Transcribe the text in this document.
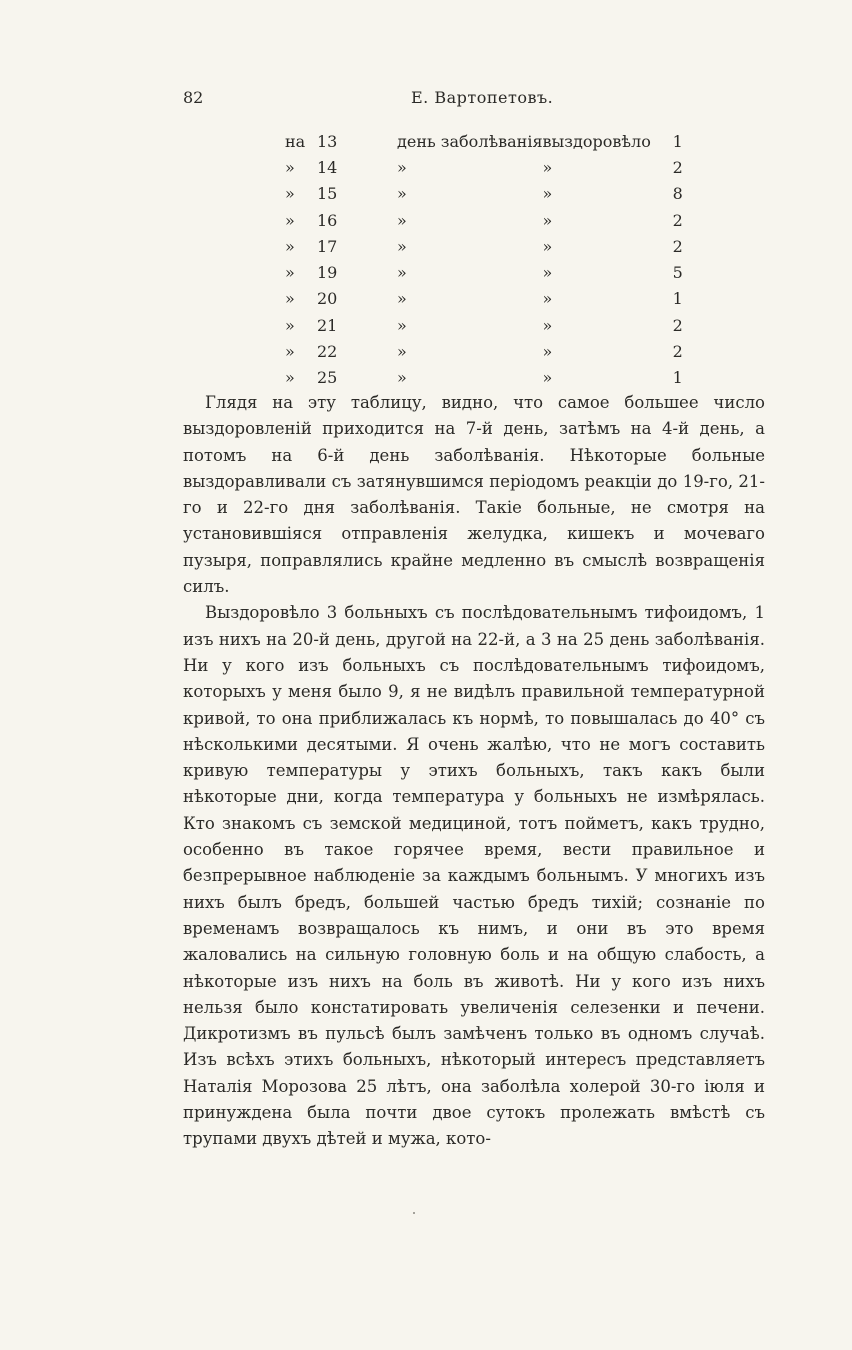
82	Е. Вартопетовъ.
на	13	день заболѣванія	выздоровѣло	1
»	14	»	»	2
»	15	»	»	8
»	16	»	»	2
»	17	»	»	2
»	19	»	»	5
»	20	»	»	1
»	21	»	»	2
»	22	»	»	2
»	25	»	»	1

Глядя на эту таблицу, видно, что самое большее число выздоровленій приходится на 7-й день, затѣмъ на 4-й день, а потомъ на 6-й день заболѣванія. Нѣкоторые больные выздоравливали съ затянувшимся періодомъ реакціи до 19-го, 21-го и 22-го дня заболѣванія. Такіе больные, не смотря на установившіяся отправленія желудка, кишекъ и мочеваго пузыря, поправлялись крайне медленно въ смыслѣ возвращенія силъ.

Выздоровѣло 3 больныхъ съ послѣдовательнымъ тифоидомъ, 1 изъ нихъ на 20-й день, другой на 22-й, а 3 на 25 день заболѣванія. Ни у кого изъ больныхъ съ послѣдовательнымъ тифоидомъ, которыхъ у меня было 9, я не видѣлъ правильной температурной кривой, то она приближалась къ нормѣ, то повышалась до 40° съ нѣсколькими десятыми. Я очень жалѣю, что не могъ составить кривую температуры у этихъ больныхъ, такъ какъ были нѣкоторые дни, когда температура у больныхъ не измѣрялась. Кто знакомъ съ земской медициной, тотъ пойметъ, какъ трудно, особенно въ такое горячее время, вести правильное и безпрерывное наблюденіе за каждымъ больнымъ. У многихъ изъ нихъ былъ бредъ, большей частью бредъ тихій; сознаніе по временамъ возвращалось къ нимъ, и они въ это время жаловались на сильную головную боль и на общую слабость, а нѣкоторые изъ нихъ на боль въ животѣ. Ни у кого изъ нихъ нельзя было констатировать увеличенія селезенки и печени. Дикротизмъ въ пульсѣ былъ замѣченъ только въ одномъ случаѣ. Изъ всѣхъ этихъ больныхъ, нѣкоторый интересъ представляетъ Наталія Морозова 25 лѣтъ, она заболѣла холерой 30-го іюля и принуждена была почти двое сутокъ пролежать вмѣстѣ съ трупами двухъ дѣтей и мужа, кото-
